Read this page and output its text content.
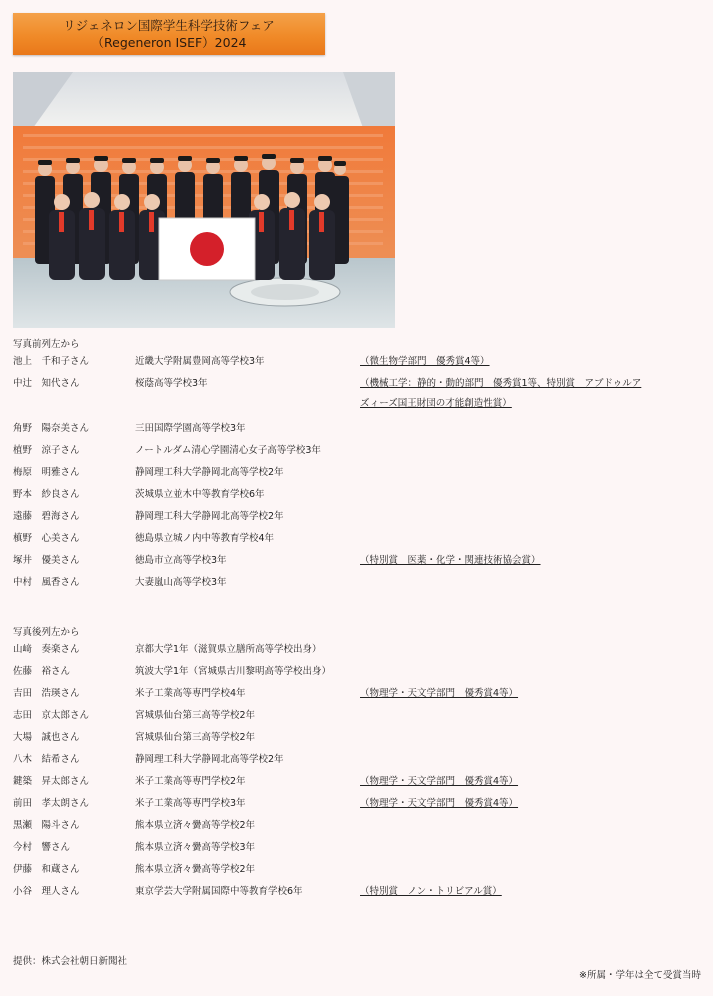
リジェネロン国際学生科学技術フェア
（Regeneron ISEF）2024
写真前列左から
池上　千和子さん	近畿大学附属豊岡高等学校3年	（微生物学部門　優秀賞4等）
中辻　知代さん	桜蔭高等学校3年	（機械工学：静的・動的部門　優秀賞1等、特別賞　アブドゥルア
ズィーズ国王財団の才能創造性賞）
角野　陽奈美さん	三田国際学園高等学校3年
植野　涼子さん	ノートルダム清心学園清心女子高等学校3年
梅原　明雅さん	静岡理工科大学静岡北高等学校2年
野本　紗良さん	茨城県立並木中等教育学校6年
遠藤　碧海さん	静岡理工科大学静岡北高等学校2年
槙野　心美さん	徳島県立城ノ内中等教育学校4年
塚井　優美さん	徳島市立高等学校3年	（特別賞　医薬・化学・関連技術協会賞）
中村　風香さん	大妻嵐山高等学校3年
写真後列左から
山﨑　奏楽さん	京都大学1年（滋賀県立膳所高等学校出身）
佐藤　裕さん	筑波大学1年（宮城県古川黎明高等学校出身）
吉田　浩瑛さん	米子工業高等専門学校4年	（物理学・天文学部門　優秀賞4等）
志田　京太郎さん	宮城県仙台第三高等学校2年
大場　誠也さん	宮城県仙台第三高等学校2年
八木　結希さん	静岡理工科大学静岡北高等学校2年
鍵築　昇太郎さん	米子工業高等専門学校2年	（物理学・天文学部門　優秀賞4等）
前田　孝太朗さん	米子工業高等専門学校3年	（物理学・天文学部門　優秀賞4等）
黒瀬　陽斗さん	熊本県立済々黌高等学校2年
今村　響さん	熊本県立済々黌高等学校3年
伊藤　和蔵さん	熊本県立済々黌高等学校2年
小谷　理人さん	東京学芸大学附属国際中等教育学校6年	（特別賞　ノン・トリビアル賞）
提供：株式会社朝日新聞社
※所属・学年は全て受賞当時
